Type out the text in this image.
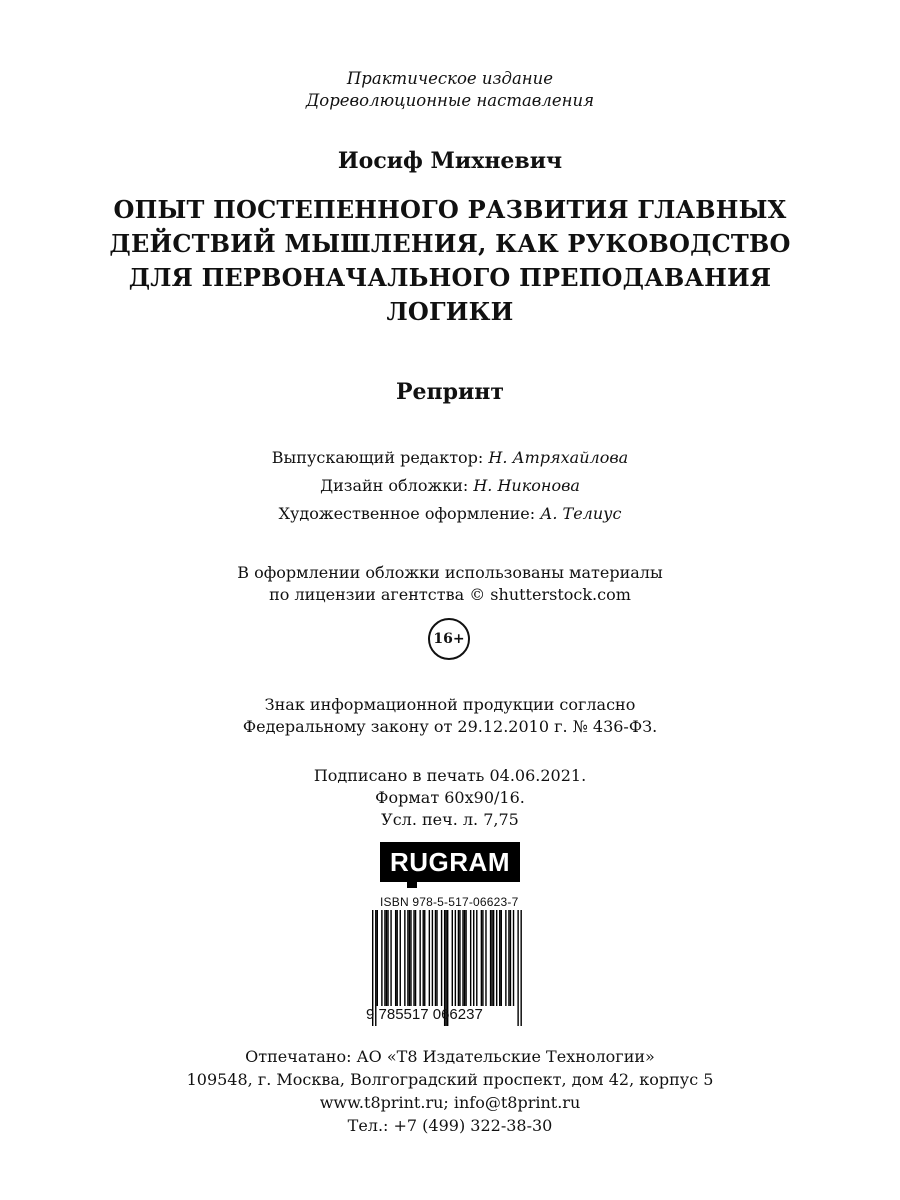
Практическое издание
Дореволюционные наставления
Иосиф Михневич
ОПЫТ ПОСТЕПЕННОГО РАЗВИТИЯ ГЛАВНЫХ
ДЕЙСТВИЙ МЫШЛЕНИЯ, КАК РУКОВОДСТВО
ДЛЯ ПЕРВОНАЧАЛЬНОГО ПРЕПОДАВАНИЯ
ЛОГИКИ
Репринт
Выпускающий редактор: Н. Атряхайлова
Дизайн обложки: Н. Никонова
Художественное оформление: А. Телиус
В оформлении обложки использованы материалы
по лицензии агентства © shutterstock.com
16+
Знак информационной продукции согласно
Федеральному закону от 29.12.2010 г. № 436-ФЗ.
Подписано в печать 04.06.2021.
Формат 60x90/16.
Усл. печ. л. 7,75
RUGRAM
ISBN 978-5-517-06623-7
9 785517 066237
Отпечатано: АО «Т8 Издательские Технологии»
109548, г. Москва, Волгоградский проспект, дом 42, корпус 5
www.t8print.ru; info@t8print.ru
Тел.: +7 (499) 322-38-30
